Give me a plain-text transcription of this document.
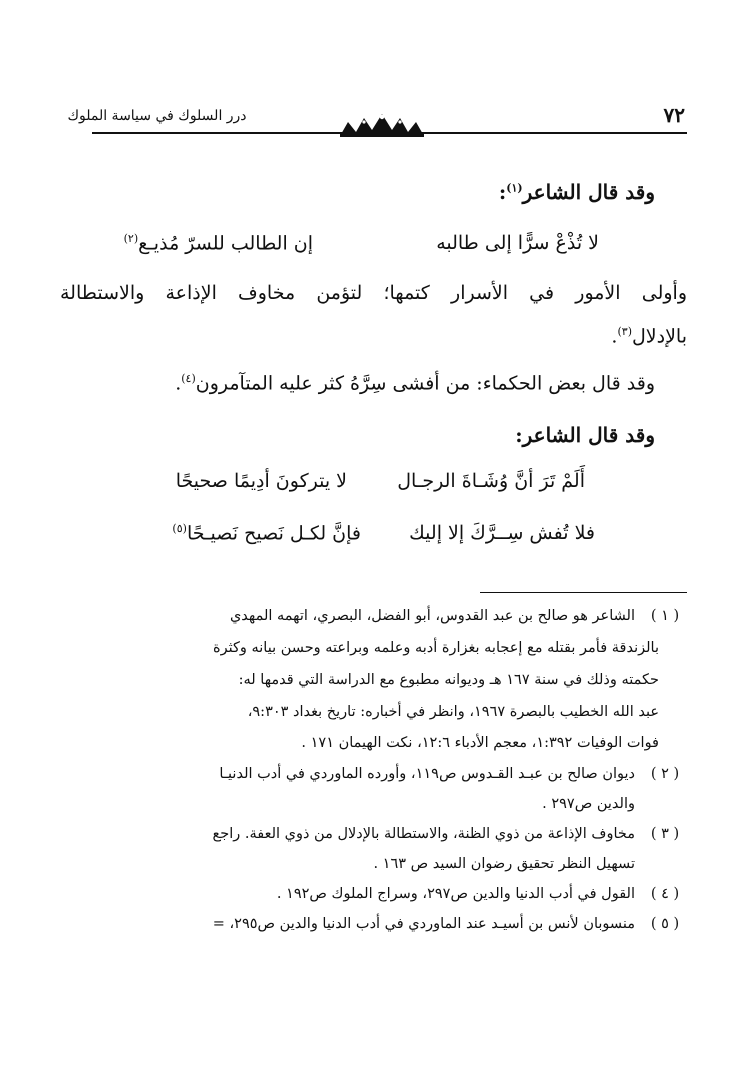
درر السلوك في سياسة الملوك	٧٢
وقد قال الشاعر$^{(١)}$:
لا تُذْعْ سرًّا إلى طالبه
إن الطالب للسرّ مُذيـع$^{(٢)}$
وأولى الأمور في الأسرار كتمها؛ لتؤمن مخاوف الإذاعة والاستطالة
بالإدلال$^{(٣)}$.
وقد قال بعض الحكماء: من أفشى سِرَّهُ كثر عليه المتآمرون$^{(٤)}$.
وقد قال الشاعر:
أَلَمْ تَرَ أنَّ وُشَـاةَ الرجـال
لا يتركونَ أدِيمًا صحيحًا
فلا تُفش سِــرَّكَ إلا إليك
فإنَّ لكـل نَصيح نَصيـحًا$^{(٥)}$
( ١ )
الشاعر هو صالح بن عبد القدوس، أبو الفضل، البصري، اتهمه المهدي
بالزندقة فأمر بقتله مع إعجابه بغزارة أدبه وعلمه وبراعته وحسن بيانه وكثرة
حكمته وذلك في سنة ١٦٧ هـ وديوانه مطبوع مع الدراسة التي قدمها له:
عبد الله الخطيب بالبصرة ١٩٦٧، وانظر في أخباره: تاريخ بغداد ٩:٣٠٣،
فوات الوفيات ١:٣٩٢، معجم الأدباء ١٢:٦، نكت الهيمان ١٧١ .
( ٢ )
ديوان صالح بن عبـد القـدوس ص١١٩، وأورده الماوردي في أدب الدنيـا
والدين ص٢٩٧ .
( ٣ )
مخاوف الإذاعة من ذوي الظنة، والاستطالة بالإدلال من ذوي العفة. راجع
تسهيل النظر تحقيق رضوان السيد ص ١٦٣ .
( ٤ )
القول في أدب الدنيا والدين ص٢٩٧، وسراج الملوك ص١٩٢ .
( ٥ )
منسوبان لأنس بن أسيـد عند الماوردي في أدب الدنيا والدين ص٢٩٥، =
